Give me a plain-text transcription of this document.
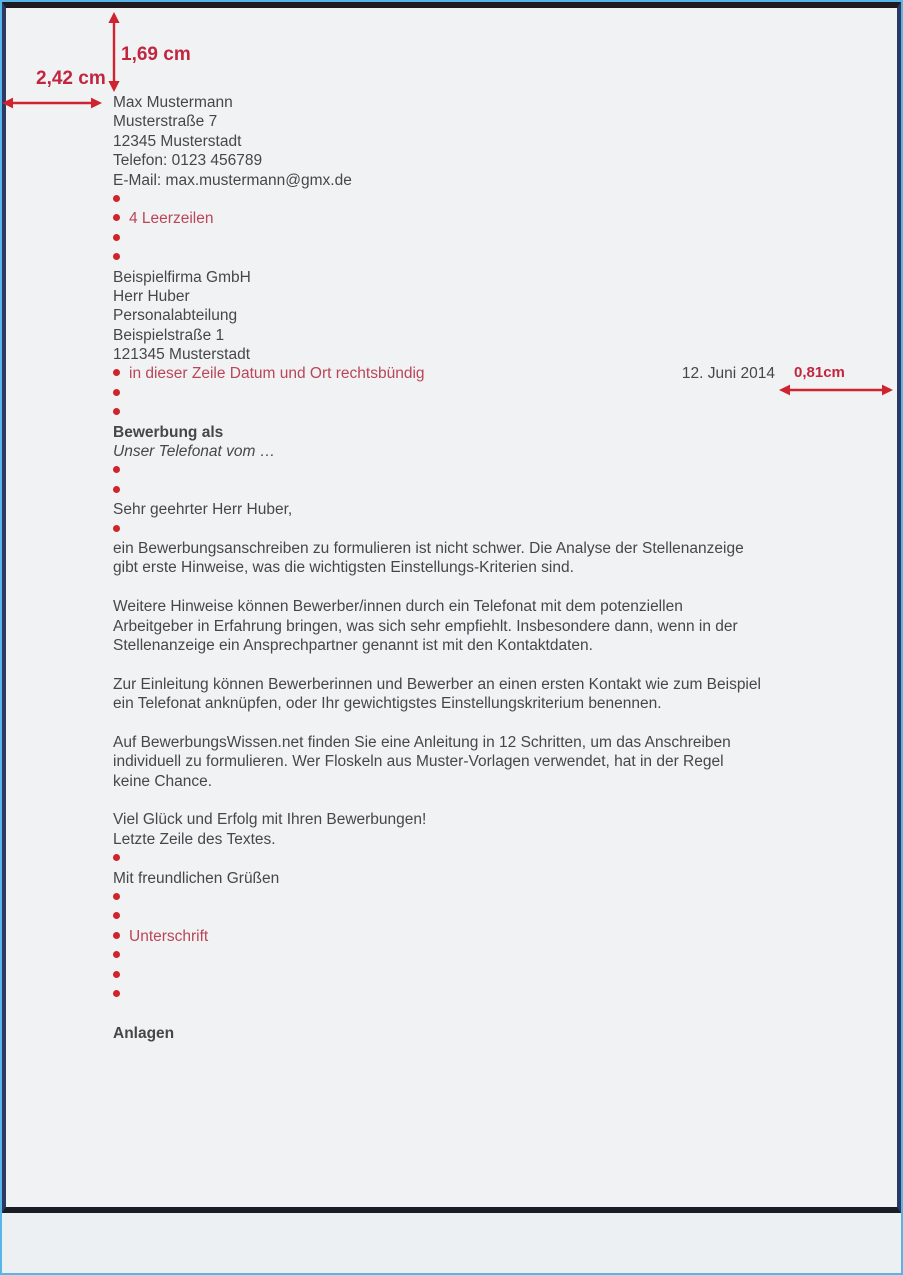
Max Mustermann
Musterstraße 7
12345 Musterstadt
Telefon: 0123 456789
E-Mail: max.mustermann@gmx.de
4 Leerzeilen
Beispielfirma GmbH
Herr Huber
Personalabteilung
Beispielstraße 1
121345 Musterstadt
in dieser Zeile Datum und Ort rechtsbündig	12. Juni 2014
Bewerbung als
Unser Telefonat vom …
Sehr geehrter Herr Huber,
ein Bewerbungsanschreiben zu formulieren ist nicht schwer. Die Analyse der Stellenanzeige
gibt erste Hinweise, was die wichtigsten Einstellungs-Kriterien sind.
Weitere Hinweise können Bewerber/innen durch ein Telefonat mit dem potenziellen
Arbeitgeber in Erfahrung bringen, was sich sehr empfiehlt. Insbesondere dann, wenn in der
Stellenanzeige ein Ansprechpartner genannt ist mit den Kontaktdaten.
Zur Einleitung können Bewerberinnen und Bewerber an einen ersten Kontakt wie zum Beispiel
ein Telefonat anknüpfen, oder Ihr gewichtigstes Einstellungskriterium benennen.
Auf BewerbungsWissen.net finden Sie eine Anleitung in 12 Schritten, um das Anschreiben
individuell zu formulieren. Wer Floskeln aus Muster-Vorlagen verwendet, hat in der Regel
keine Chance.
Viel Glück und Erfolg mit Ihren Bewerbungen!
Letzte Zeile des Textes.
Mit freundlichen Grüßen
Unterschrift
Anlagen
1,69 cm
2,42 cm
0,81cm
